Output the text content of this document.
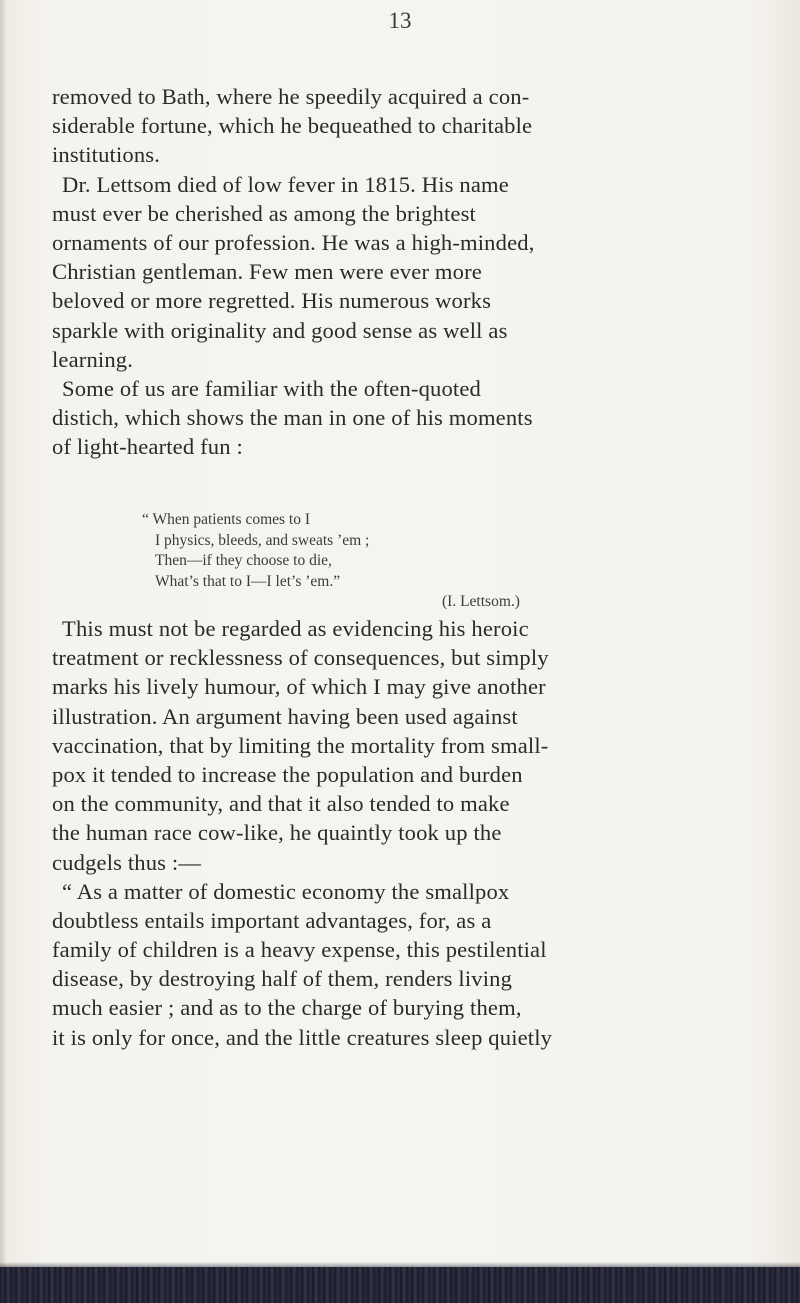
13
removed to Bath, where he speedily acquired a con-
siderable fortune, which he bequeathed to charitable
institutions.
Dr. Lettsom died of low fever in 1815. His name
must ever be cherished as among the brightest
ornaments of our profession. He was a high-minded,
Christian gentleman. Few men were ever more
beloved or more regretted. His numerous works
sparkle with originality and good sense as well as
learning.
Some of us are familiar with the often-quoted
distich, which shows the man in one of his moments
of light-hearted fun :
“ When patients comes to I
I physics, bleeds, and sweats ’em ;
Then—if they choose to die,
What’s that to I—I let’s ’em.”
(I. Lettsom.)
This must not be regarded as evidencing his heroic
treatment or recklessness of consequences, but simply
marks his lively humour, of which I may give another
illustration. An argument having been used against
vaccination, that by limiting the mortality from small-
pox it tended to increase the population and burden
on the community, and that it also tended to make
the human race cow-like, he quaintly took up the
cudgels thus :—
“ As a matter of domestic economy the smallpox
doubtless entails important advantages, for, as a
family of children is a heavy expense, this pestilential
disease, by destroying half of them, renders living
much easier ; and as to the charge of burying them,
it is only for once, and the little creatures sleep quietly
